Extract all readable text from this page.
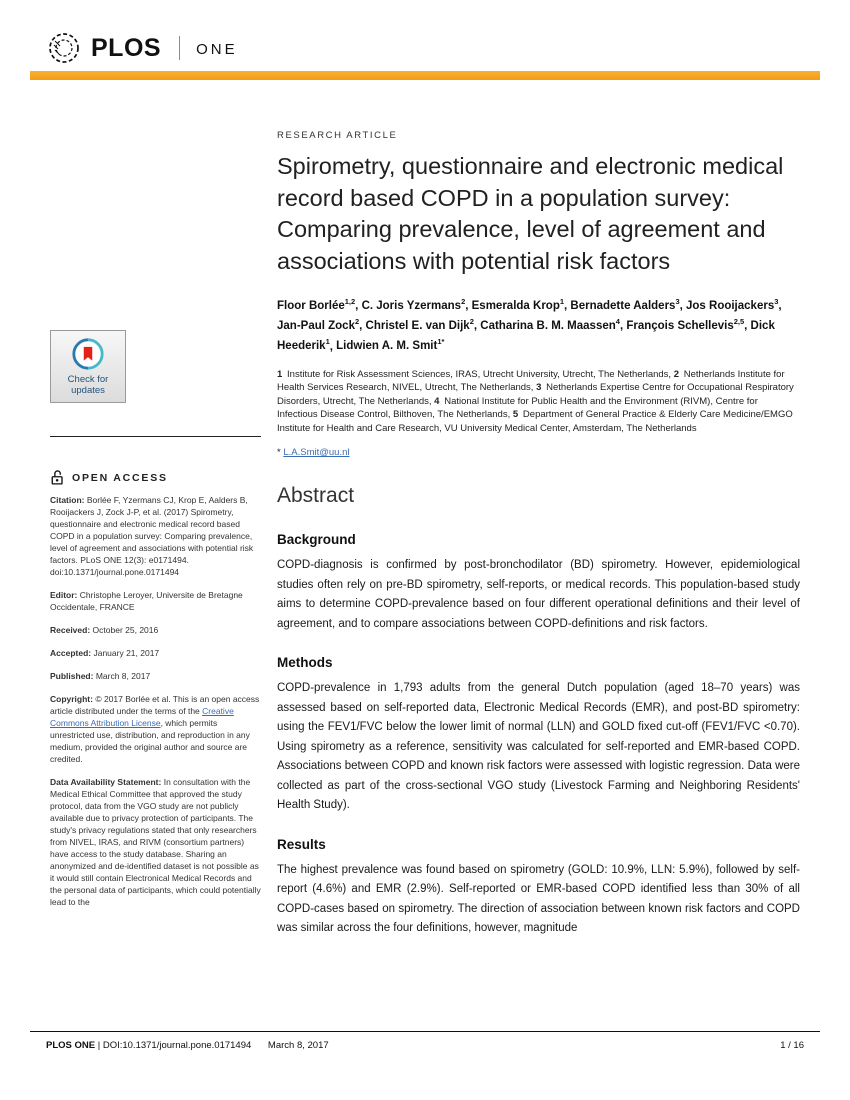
PLOS ONE
Check for
updates
OPEN ACCESS

Citation: Borlée F, Yzermans CJ, Krop E, Aalders B, Rooijackers J, Zock J-P, et al. (2017) Spirometry, questionnaire and electronic medical record based COPD in a population survey: Comparing prevalence, level of agreement and associations with potential risk factors. PLoS ONE 12(3): e0171494. doi:10.1371/journal.pone.0171494

Editor: Christophe Leroyer, Universite de Bretagne Occidentale, FRANCE

Received: October 25, 2016

Accepted: January 21, 2017

Published: March 8, 2017

Copyright: © 2017 Borlée et al. This is an open access article distributed under the terms of the Creative Commons Attribution License, which permits unrestricted use, distribution, and reproduction in any medium, provided the original author and source are credited.

Data Availability Statement: In consultation with the Medical Ethical Committee that approved the study protocol, data from the VGO study are not publicly available due to privacy protection of participants. The study's privacy regulations stated that only researchers from NIVEL, IRAS, and RIVM (consortium partners) have access to the study database. Sharing an anonymized and de-identified dataset is not possible as it would still contain Electronical Medical Records and the personal data of participants, which could potentially lead to the

RESEARCH ARTICLE
Spirometry, questionnaire and electronic medical record based COPD in a population survey: Comparing prevalence, level of agreement and associations with potential risk factors
Floor Borlée$^{1,2}$, C. Joris Yzermans$^2$, Esmeralda Krop$^1$, Bernadette Aalders$^3$, Jos Rooijackers$^3$, Jan-Paul Zock$^2$, Christel E. van Dijk$^2$, Catharina B. M. Maassen$^4$, François Schellevis$^{2,5}$, Dick Heederik$^1$, Lidwien A. M. Smit$^{1*}$
1 Institute for Risk Assessment Sciences, IRAS, Utrecht University, Utrecht, The Netherlands, 2 Netherlands Institute for Health Services Research, NIVEL, Utrecht, The Netherlands, 3 Netherlands Expertise Centre for Occupational Respiratory Disorders, Utrecht, The Netherlands, 4 National Institute for Public Health and the Environment (RIVM), Centre for Infectious Disease Control, Bilthoven, The Netherlands, 5 Department of General Practice & Elderly Care Medicine/EMGO Institute for Health and Care Research, VU University Medical Center, Amsterdam, The Netherlands
* L.A.Smit@uu.nl
Abstract
Background

COPD-diagnosis is confirmed by post-bronchodilator (BD) spirometry. However, epidemiological studies often rely on pre-BD spirometry, self-reports, or medical records. This population-based study aims to determine COPD-prevalence based on four different operational definitions and their level of agreement, and to compare associations between COPD-definitions and risk factors.

Methods

COPD-prevalence in 1,793 adults from the general Dutch population (aged 18–70 years) was assessed based on self-reported data, Electronic Medical Records (EMR), and post-BD spirometry: using the FEV1/FVC below the lower limit of normal (LLN) and GOLD fixed cut-off (FEV1/FVC <0.70). Using spirometry as a reference, sensitivity was calculated for self-reported and EMR-based COPD. Associations between COPD and known risk factors were assessed with logistic regression. Data were collected as part of the cross-sectional VGO study (Livestock Farming and Neighboring Residents' Health Study).

Results

The highest prevalence was found based on spirometry (GOLD: 10.9%, LLN: 5.9%), followed by self-report (4.6%) and EMR (2.9%). Self-reported or EMR-based COPD identified less than 30% of all COPD-cases based on spirometry. The direction of association between known risk factors and COPD was similar across the four definitions, however, magnitude

PLOS ONE | DOI:10.1371/journal.pone.0171494 March 8, 2017	1 / 16
